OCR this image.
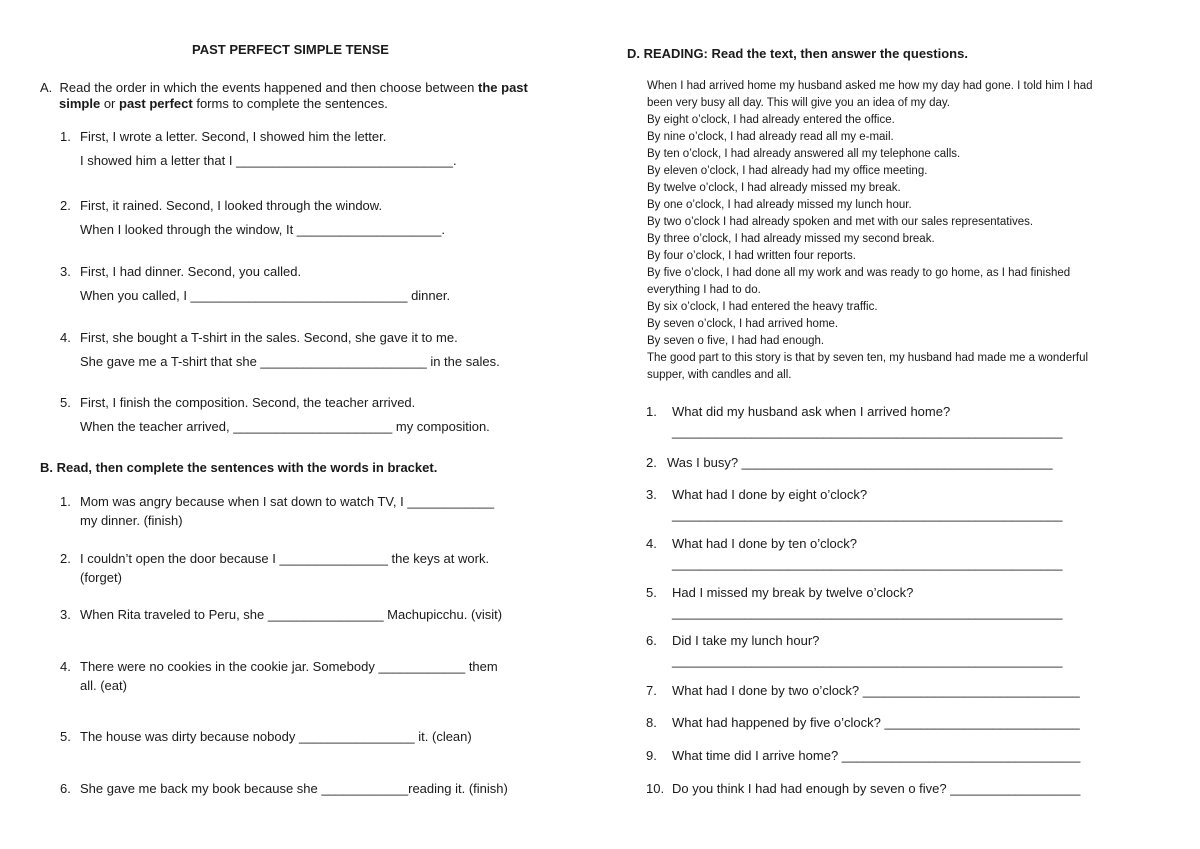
PAST PERFECT SIMPLE TENSE
A. Read the order in which the events happened and then choose between the past
simple or past perfect forms to complete the sentences.
1. First, I wrote a letter. Second, I showed him the letter.
I showed him a letter that I ______________________________.
2. First, it rained. Second, I looked through the window.
When I looked through the window, It ____________________.
3. First, I had dinner. Second, you called.
When you called, I ______________________________ dinner.
4. First, she bought a T-shirt in the sales. Second, she gave it to me.
She gave me a T-shirt that she _______________________ in the sales.
5. First, I finish the composition. Second, the teacher arrived.
When the teacher arrived, ______________________ my composition.
B. Read, then complete the sentences with the words in bracket.
1. Mom was angry because when I sat down to watch TV, I ____________
my dinner. (finish)
2. I couldn’t open the door because I _______________ the keys at work.
(forget)
3. When Rita traveled to Peru, she ________________ Machupicchu. (visit)
4. There were no cookies in the cookie jar. Somebody ____________ them
all. (eat)
5. The house was dirty because nobody ________________ it. (clean)
6. She gave me back my book because she ____________reading it. (finish)
D. READING: Read the text, then answer the questions.
When I had arrived home my husband asked me how my day had gone. I told him I had
been very busy all day. This will give you an idea of my day.
By eight o’clock, I had already entered the office.
By nine o’clock, I had already read all my e-mail.
By ten o’clock, I had already answered all my telephone calls.
By eleven o’clock, I had already had my office meeting.
By twelve o’clock, I had already missed my break.
By one o’clock, I had already missed my lunch hour.
By two o’clock I had already spoken and met with our sales representatives.
By three o’clock, I had already missed my second break.
By four o’clock, I had written four reports.
By five o’clock, I had done all my work and was ready to go home, as I had finished
everything I had to do.
By six o’clock, I had entered the heavy traffic.
By seven o’clock, I had arrived home.
By seven o five, I had had enough.
The good part to this story is that by seven ten, my husband had made me a wonderful
supper, with candles and all.
1. What did my husband ask when I arrived home?
______________________________________________________
2. Was I busy? ___________________________________________
3. What had I done by eight o’clock?
______________________________________________________
4. What had I done by ten o’clock?
______________________________________________________
5. Had I missed my break by twelve o’clock?
______________________________________________________
6. Did I take my lunch hour?
______________________________________________________
7. What had I done by two o’clock? ______________________________
8. What had happened by five o’clock? ___________________________
9. What time did I arrive home? _________________________________
10. Do you think I had had enough by seven o five? __________________
